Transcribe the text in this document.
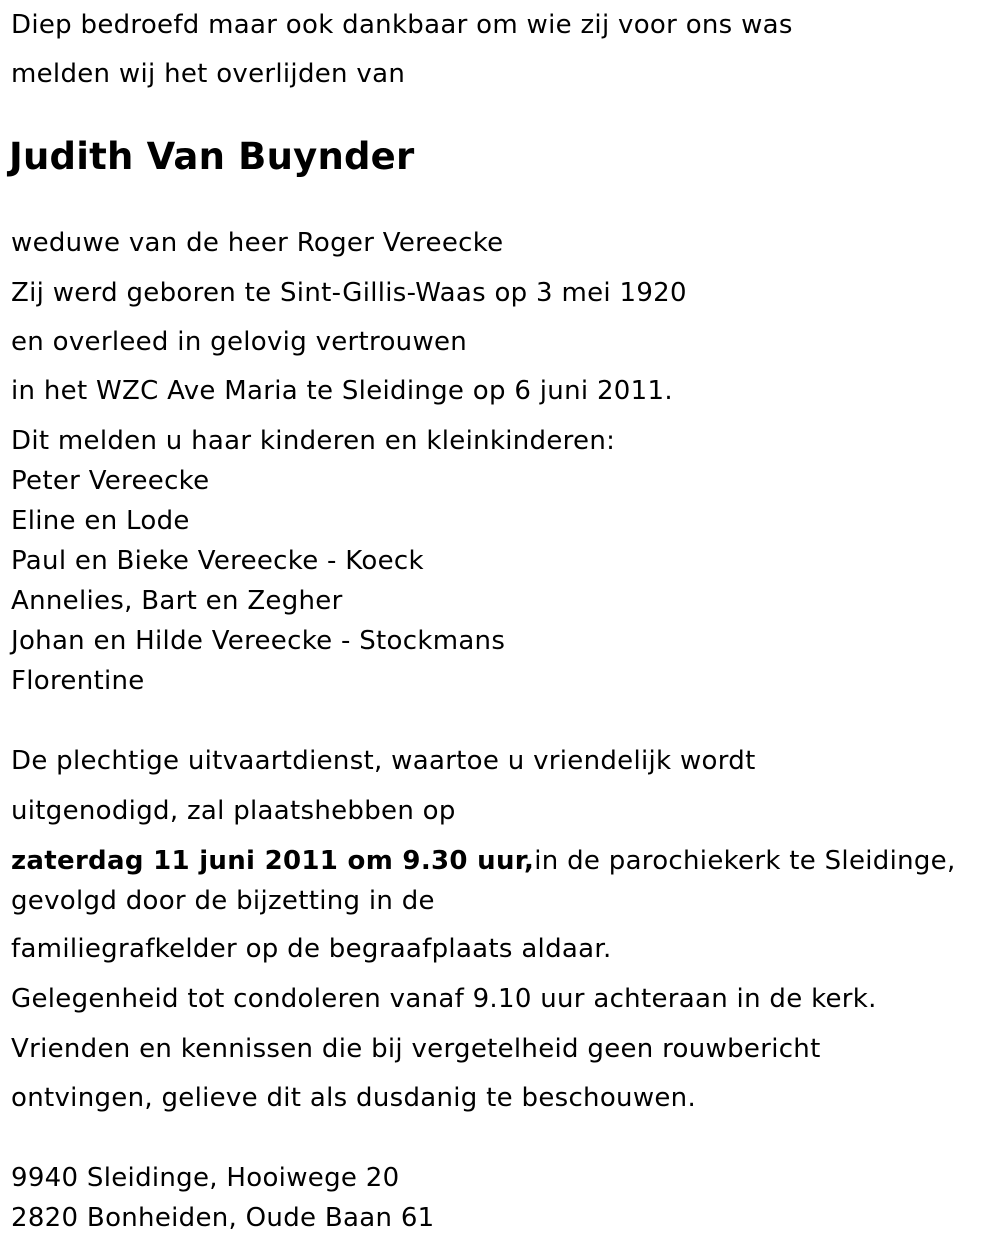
Diep bedroefd maar ook dankbaar om wie zij voor ons was

melden wij het overlijden van

Judith Van Buynder

weduwe van de heer Roger Vereecke

Zij werd geboren te Sint-Gillis-Waas op 3 mei 1920

en overleed in gelovig vertrouwen

in het WZC Ave Maria te Sleidinge op 6 juni 2011.

Dit melden u haar kinderen en kleinkinderen:

Peter Vereecke

Eline en Lode

Paul en Bieke Vereecke - Koeck

Annelies, Bart en Zegher

Johan en Hilde Vereecke - Stockmans

Florentine

De plechtige uitvaartdienst, waartoe u vriendelijk wordt

uitgenodigd, zal plaatshebben op

zaterdag 11 juni 2011 om 9.30 uur,in de parochiekerk te Sleidinge,

gevolgd door de bijzetting in de

familiegrafkelder op de begraafplaats aldaar.

Gelegenheid tot condoleren vanaf 9.10 uur achteraan in de kerk.

Vrienden en kennissen die bij vergetelheid geen rouwbericht

ontvingen, gelieve dit als dusdanig te beschouwen.

9940 Sleidinge, Hooiwege 20

2820 Bonheiden, Oude Baan 61
